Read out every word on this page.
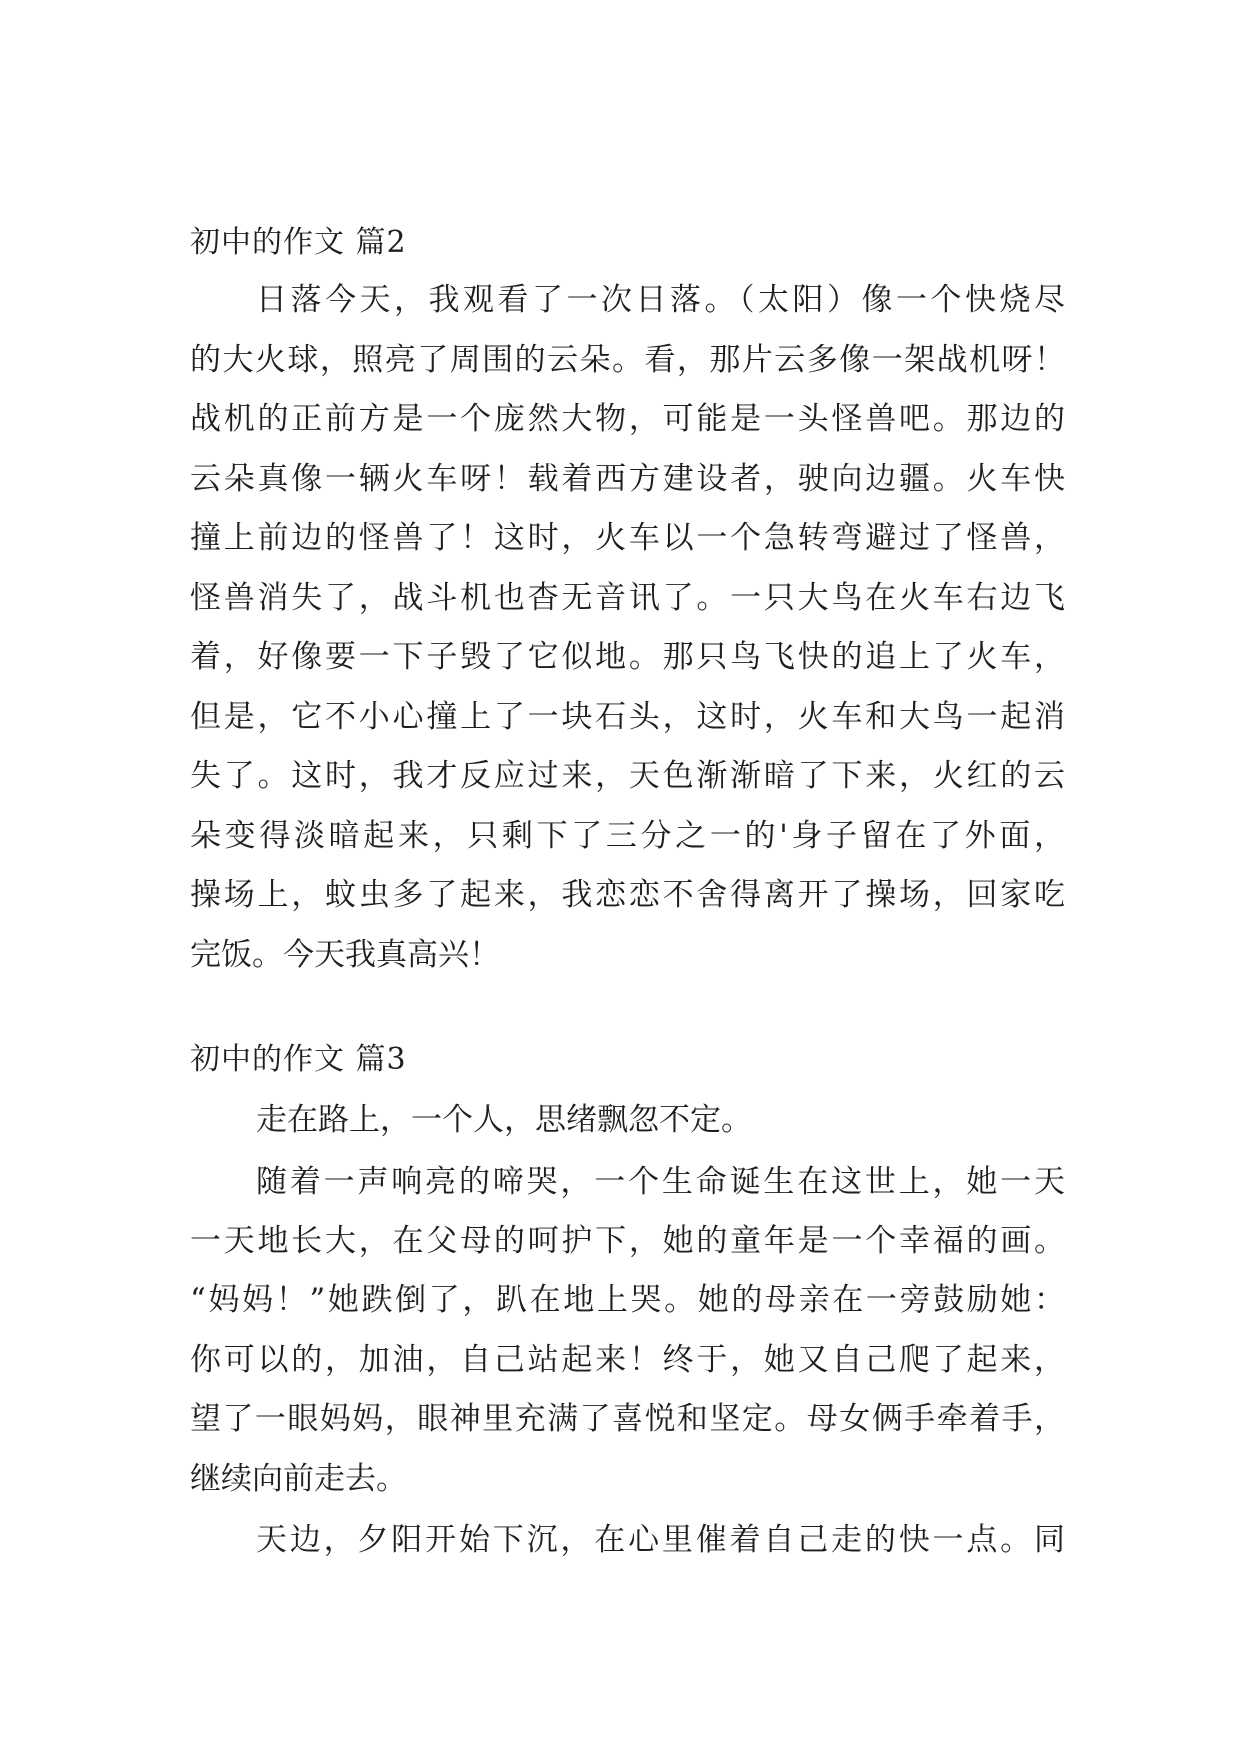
初中的作文 篇2
日落今天，我观看了一次日落。（太阳）像一个快烧尽
的大火球，照亮了周围的云朵。看，那片云多像一架战机呀！
战机的正前方是一个庞然大物，可能是一头怪兽吧。那边的
云朵真像一辆火车呀！载着西方建设者，驶向边疆。火车快
撞上前边的怪兽了！这时，火车以一个急转弯避过了怪兽，
怪兽消失了，战斗机也杳无音讯了。一只大鸟在火车右边飞
着，好像要一下子毁了它似地。那只鸟飞快的追上了火车，
但是，它不小心撞上了一块石头，这时，火车和大鸟一起消
失了。这时，我才反应过来，天色渐渐暗了下来，火红的云
朵变得淡暗起来，只剩下了三分之一的'身子留在了外面，
操场上，蚊虫多了起来，我恋恋不舍得离开了操场，回家吃
完饭。今天我真高兴！
初中的作文 篇3
走在路上，一个人，思绪飘忽不定。
随着一声响亮的啼哭，一个生命诞生在这世上，她一天
一天地长大，在父母的呵护下，她的童年是一个幸福的画。
“妈妈！”她跌倒了，趴在地上哭。她的母亲在一旁鼓励她：
你可以的，加油，自己站起来！终于，她又自己爬了起来，
望了一眼妈妈，眼神里充满了喜悦和坚定。母女俩手牵着手，
继续向前走去。
天边，夕阳开始下沉，在心里催着自己走的快一点。同
